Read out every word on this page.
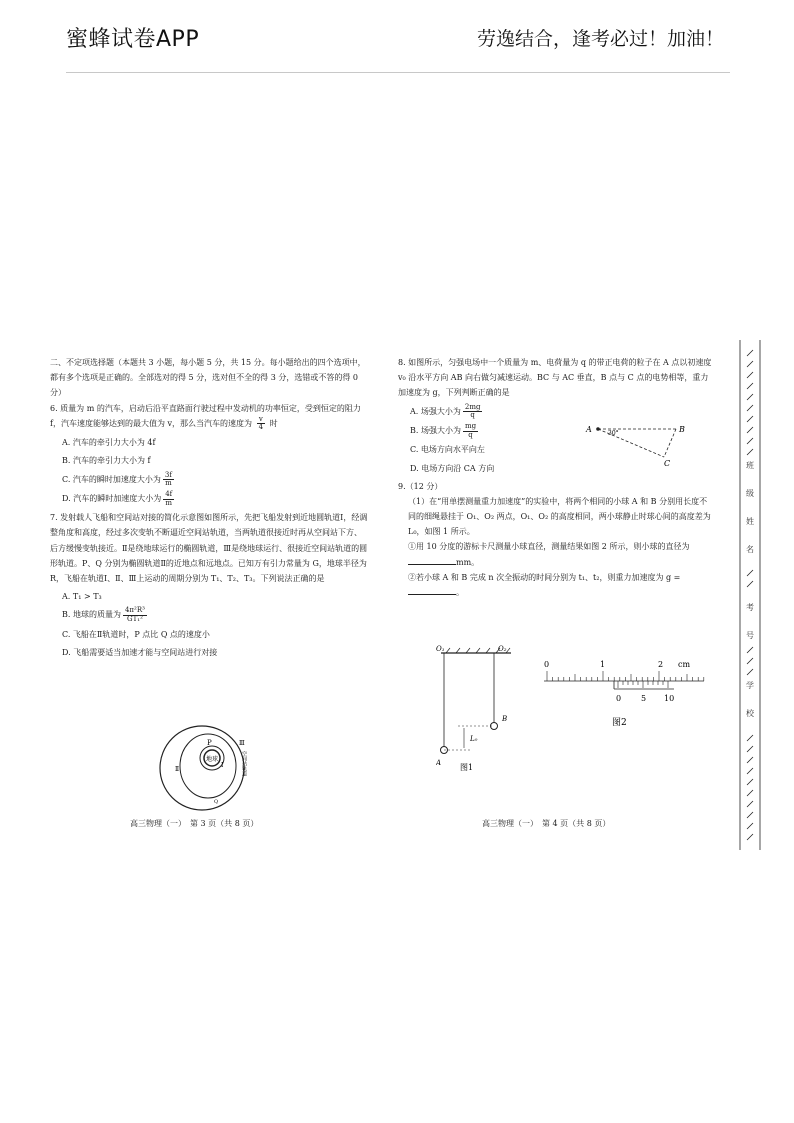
蜜蜂试卷APP	劳逸结合，逢考必过！加油！

二、不定项选择题（本题共 3 小题，每小题 5 分，共 15 分。每小题给出的四个选项中，都有多个选项是正确的。全部选对的得 5 分，选对但不全的得 3 分，选错或不答的得 0 分）

6. 质量为 m 的汽车，启动后沿平直路面行驶过程中发动机的功率恒定，受到恒定的阻力 f，汽车速度能够达到的最大值为 v，那么当汽车的速度为 $\frac{v}{4}$ 时

A. 汽车的牵引力大小为 4f
B. 汽车的牵引力大小为 f
C. 汽车的瞬时加速度大小为 $\frac{3f}{m}$
D. 汽车的瞬时加速度大小为 $\frac{4f}{m}$

7. 发射载人飞船和空间站对接的简化示意图如图所示，先把飞船发射到近地圆轨道Ⅰ，经调整角度和高度，经过多次变轨不断逼近空间站轨道，当两轨道很接近时再从空间站下方、后方缓慢变轨接近。Ⅱ是绕地球运行的椭圆轨道，Ⅲ是绕地球运行、很接近空间站轨道的圆形轨道。P、Q 分别为椭圆轨道Ⅱ的近地点和远地点。已知万有引力常量为 G，地球半径为 R，飞船在轨道Ⅰ、Ⅱ、Ⅲ上运动的周期分别为 T₁、T₂、T₃。下列说法正确的是

A. T₁ > T₃
B. 地球的质量为 $\frac{\text{4π²R³}}{\text{GT₁²}}$
C. 飞船在Ⅱ轨道时，P 点比 Q 点的速度小
D. 飞船需要适当加速才能与空间站进行对接
地球
P
Q
Ⅰ
Ⅱ
Ⅲ
空间站轨道
高三物理（一）　第 3 页（共 8 页）

8. 如图所示，匀强电场中一个质量为 m、电荷量为 q 的带正电荷的粒子在 A 点以初速度 v₀ 沿水平方向 AB 向右做匀减速运动。BC 与 AC 垂直，B 点与 C 点的电势相等，重力加速度为 g，下列判断正确的是

A. 场强大小为 $\frac{2mg}{q}$
B. 场强大小为 $\frac{mg}{q}$
C. 电场方向水平向左
D. 电场方向沿 CA 方向
A	B
C
30°

9.（12 分）

（1）在“用单摆测量重力加速度”的实验中，将两个相同的小球 A 和 B 分别用长度不同的细绳悬挂于 O₁、O₂ 两点，O₁、O₂ 的高度相同，两小球静止时球心间的高度差为 L₀，如图 1 所示。

①用 10 分度的游标卡尺测量小球直径，测量结果如图 2 所示，则小球的直径为mm。

②若小球 A 和 B 完成 n 次全振动的时间分别为 t₁、t₂，则重力加速度为 g =。

O₁	O₂
B
A
L₀
图1
0	1	2 cm
0 5 10
图2
高三物理（一）　第 4 页（共 8 页）
班
级
姓
名
考
号
学
校
